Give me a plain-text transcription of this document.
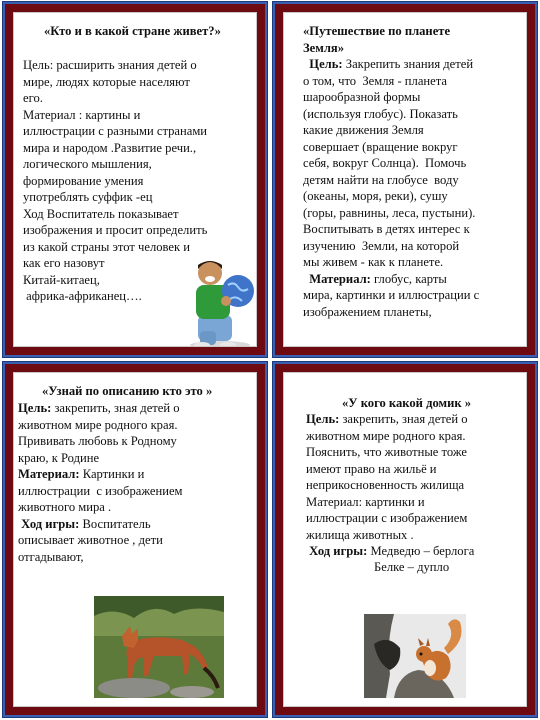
«Кто и в какой стране живет?»
Цель: расширить знания детей о
мире, людях которые населяют
его.
Материал : картины и
иллюстрации с разными странами
мира и народом .Развитие речи.,
логического мышления,
формирование умения
употреблять суффик -ец
Ход Воспитатель показывает
изображения и просит определить
из какой страны этот человек и
как его назовут
Китай-китаец,
африка-африканец….
«Путешествие по планете
Земля»
Цель: Закрепить знания детей
о том, что  Земля - планета
шарообразной формы
(используя глобус). Показать
какие движения Земля
совершает (вращение вокруг
себя, вокруг Солнца).  Помочь
детям найти на глобусе  воду
(океаны, моря, реки), сушу
(горы, равнины, леса, пустыни).
Воспитывать в детях интерес к
изучению  Земли, на которой
мы живем - как к планете.
Материал: глобус, карты
мира, картинки и иллюстрации с
изображением планеты,
«Узнай по описанию кто это »
Цель: закрепить, зная детей о
животном мире родного края.
Прививать любовь к Родному
краю, к Родине
Материал: Картинки и
иллюстрации  с изображением
животного мира .
Ход игры: Воспитатель
описывает животное , дети
отгадывают,
«У кого какой домик »
Цель: закрепить, зная детей о
животном мире родного края.
Пояснить, что животные тоже
имеют право на жильё и
неприкосновенность жилища
Материал: картинки и
иллюстрации с изображением
жилища животных .
Ход игры: Медведю – берлога
Белке – дупло
